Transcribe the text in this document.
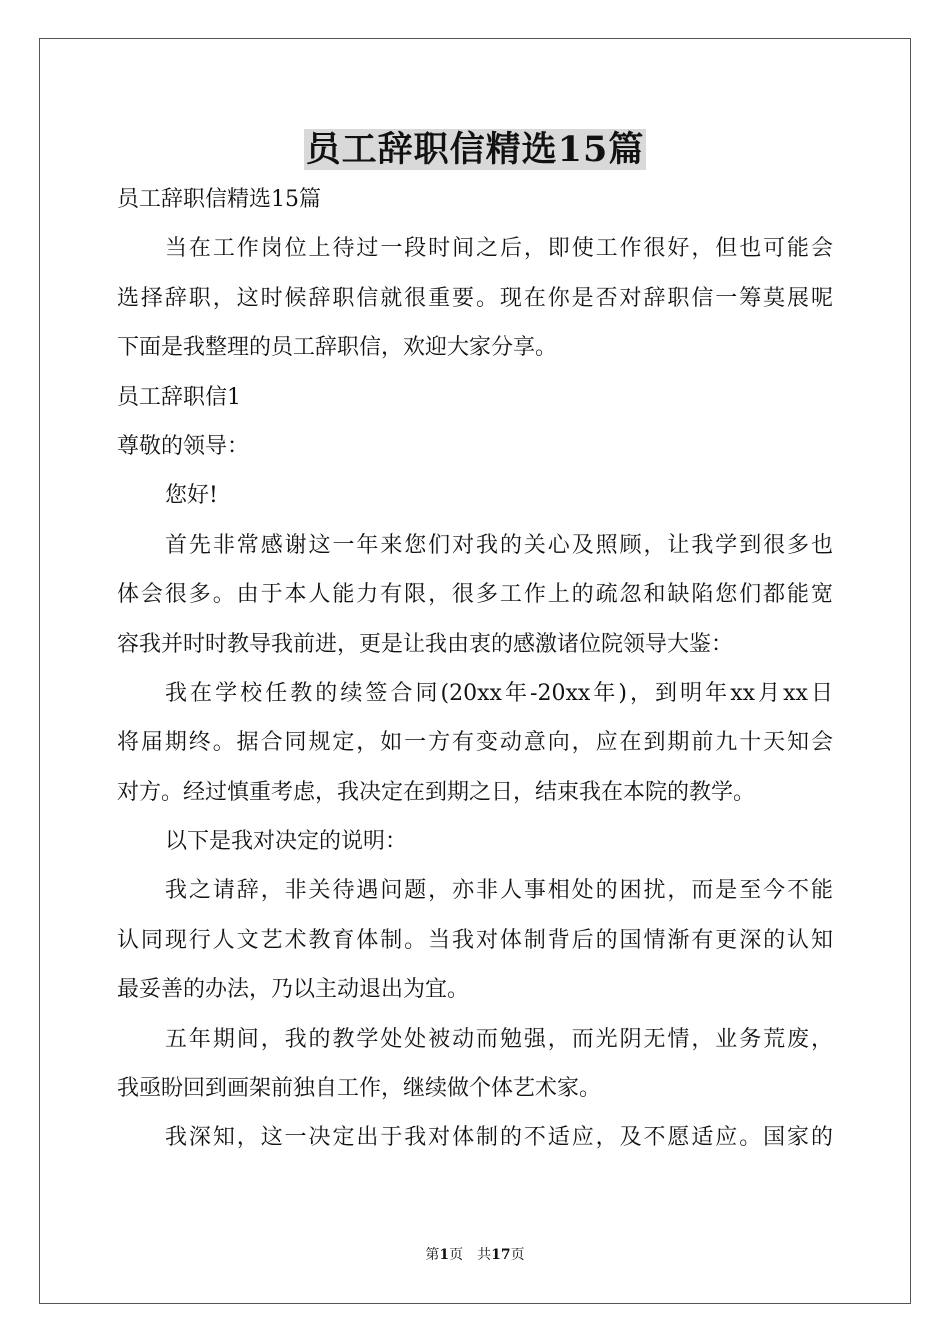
员工辞职信精选15篇
员工辞职信精选15篇
当在工作岗位上待过一段时间之后，即使工作很好，但也可能会
选择辞职，这时候辞职信就很重要。现在你是否对辞职信一筹莫展呢
下面是我整理的员工辞职信，欢迎大家分享。
员工辞职信1
尊敬的领导：
您好!
首先非常感谢这一年来您们对我的关心及照顾，让我学到很多也
体会很多。由于本人能力有限，很多工作上的疏忽和缺陷您们都能宽
容我并时时教导我前进，更是让我由衷的感激诸位院领导大鉴：
我在学校任教的续签合同(20xx年-20xx年)，到明年xx月xx日
将届期终。据合同规定，如一方有变动意向，应在到期前九十天知会
对方。经过慎重考虑，我决定在到期之日，结束我在本院的教学。
以下是我对决定的说明：
我之请辞，非关待遇问题，亦非人事相处的困扰，而是至今不能
认同现行人文艺术教育体制。当我对体制背后的国情渐有更深的认知
最妥善的办法，乃以主动退出为宜。
五年期间，我的教学处处被动而勉强，而光阴无情，业务荒废，
我亟盼回到画架前独自工作，继续做个体艺术家。
我深知，这一决定出于我对体制的不适应，及不愿适应。国家的
第1页 共17页
